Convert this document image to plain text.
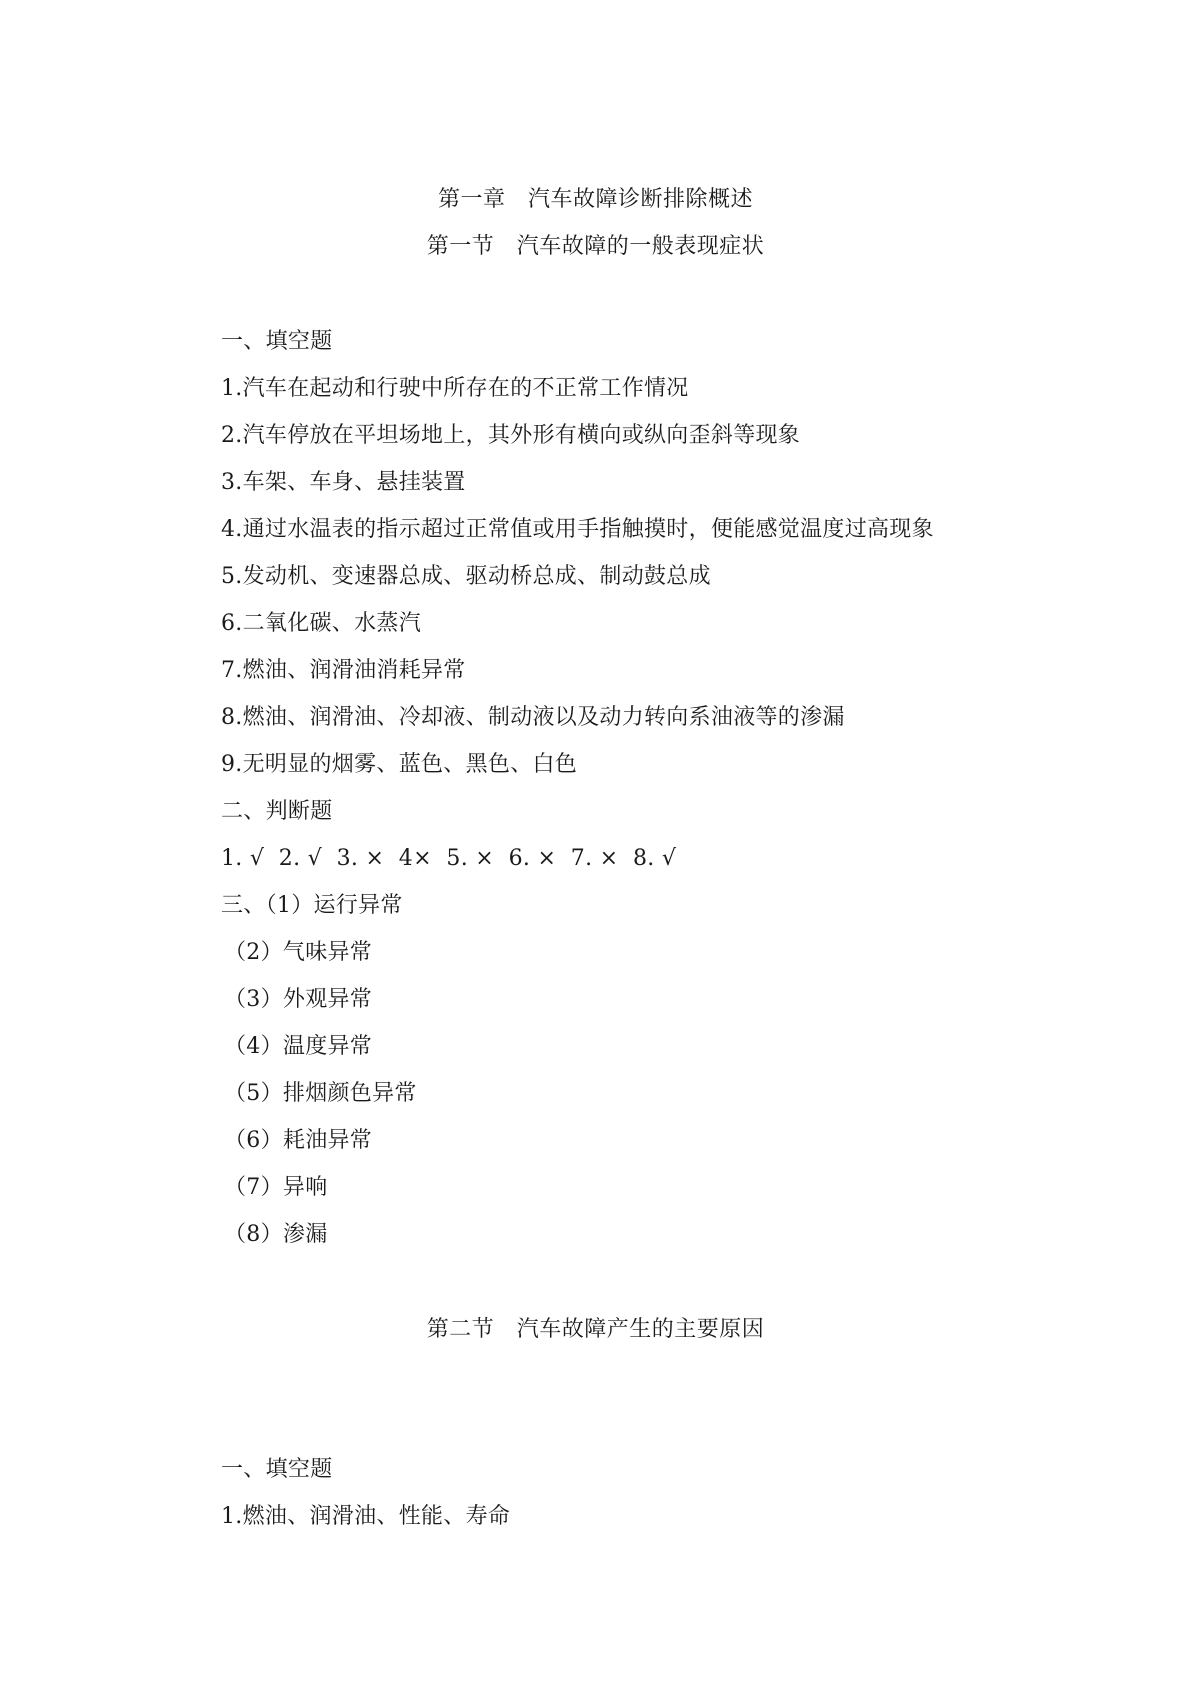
第一章　汽车故障诊断排除概述
第一节　汽车故障的一般表现症状
一、填空题
1.汽车在起动和行驶中所存在的不正常工作情况
2.汽车停放在平坦场地上，其外形有横向或纵向歪斜等现象
3.车架、车身、悬挂装置
4.通过水温表的指示超过正常值或用手指触摸时，便能感觉温度过高现象
5.发动机、变速器总成、驱动桥总成、制动鼓总成
6.二氧化碳、水蒸汽
7.燃油、润滑油消耗异常
8.燃油、润滑油、冷却液、制动液以及动力转向系油液等的渗漏
9.无明显的烟雾、蓝色、黑色、白色
二、判断题
1. √  2. √  3. ×  4×  5. ×  6. ×  7. ×  8. √
三、（1）运行异常
（2）气味异常
（3）外观异常
（4）温度异常
（5）排烟颜色异常
（6）耗油异常
（7）异响
（8）渗漏
第二节　汽车故障产生的主要原因
一、填空题
1.燃油、润滑油、性能、寿命
